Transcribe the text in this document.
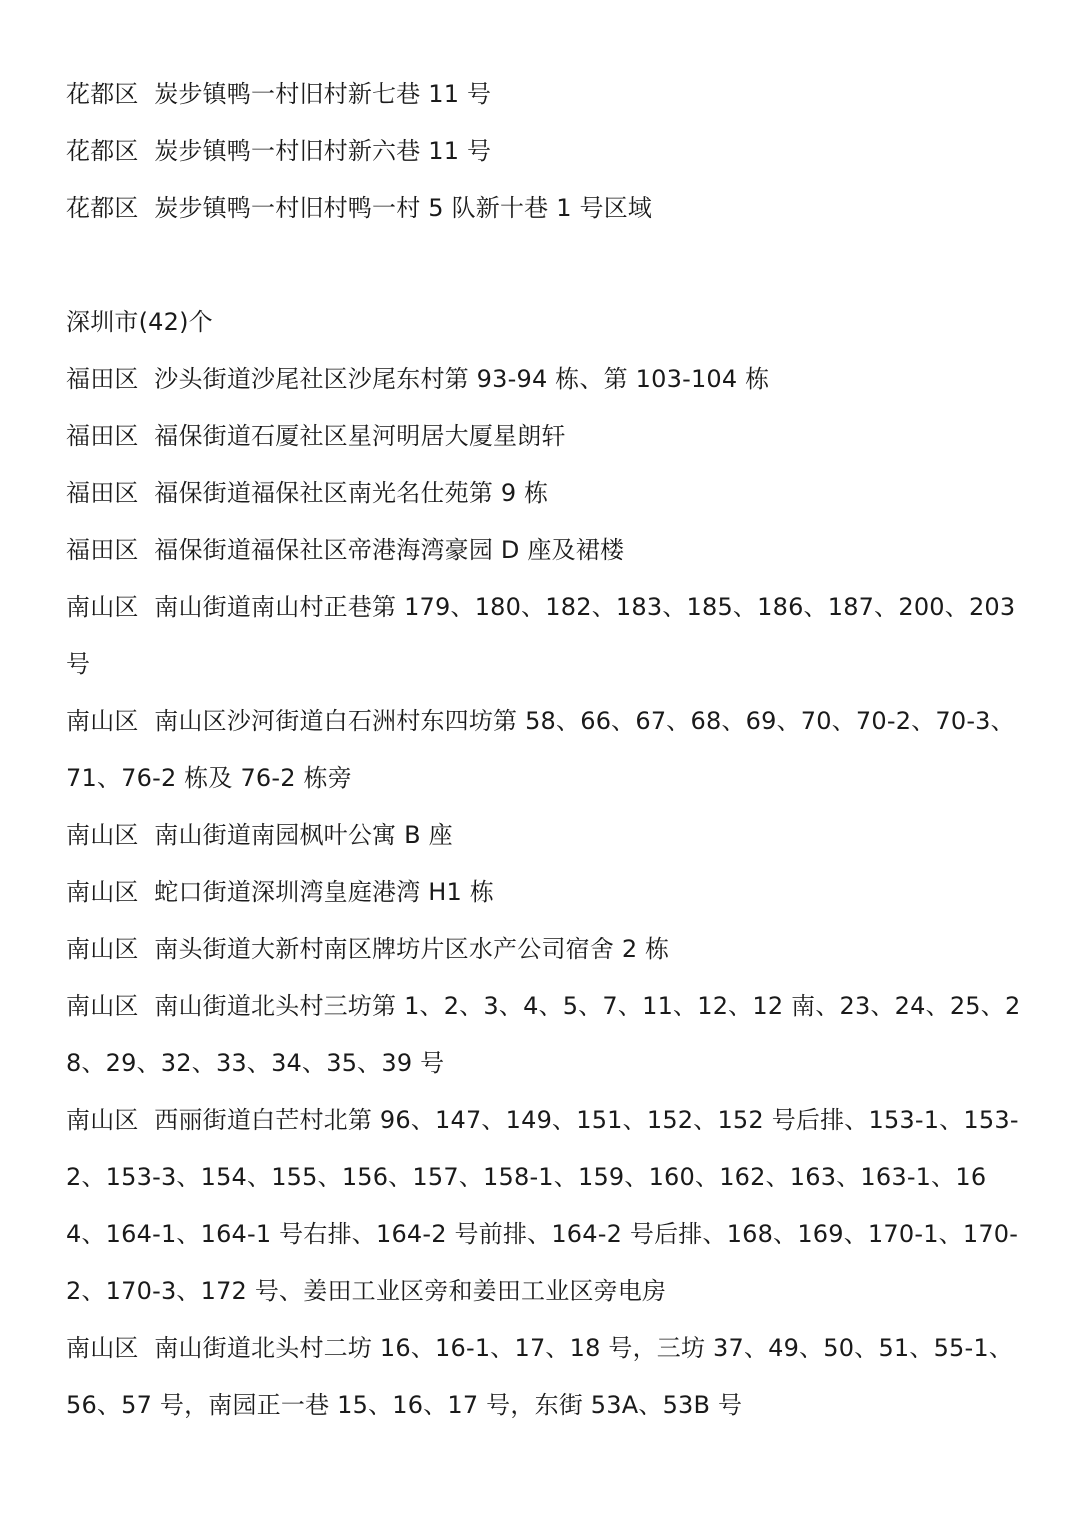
花都区  炭步镇鸭一村旧村新七巷 11 号
花都区  炭步镇鸭一村旧村新六巷 11 号
花都区  炭步镇鸭一村旧村鸭一村 5 队新十巷 1 号区域
深圳市(42)个
福田区  沙头街道沙尾社区沙尾东村第 93-94 栋、第 103-104 栋
福田区  福保街道石厦社区星河明居大厦星朗轩
福田区  福保街道福保社区南光名仕苑第 9 栋
福田区  福保街道福保社区帝港海湾豪园 D 座及裙楼
南山区  南山街道南山村正巷第 179、180、182、183、185、186、187、200、203 号
南山区  南山区沙河街道白石洲村东四坊第 58、66、67、68、69、70、70-2、70-3、71、76-2 栋及 76-2 栋旁
南山区  南山街道南园枫叶公寓 B 座
南山区  蛇口街道深圳湾皇庭港湾 H1 栋
南山区  南头街道大新村南区牌坊片区水产公司宿舍 2 栋
南山区  南山街道北头村三坊第 1、2、3、4、5、7、11、12、12 南、23、24、25、28、29、32、33、34、35、39 号
南山区  西丽街道白芒村北第 96、147、149、151、152、152 号后排、153-1、153-2、153-3、154、155、156、157、158-1、159、160、162、163、163-1、164、164-1、164-1 号右排、164-2 号前排、164-2 号后排、168、169、170-1、170-2、170-3、172 号、姜田工业区旁和姜田工业区旁电房
南山区  南山街道北头村二坊 16、16-1、17、18 号，三坊 37、49、50、51、55-1、56、57 号，南园正一巷 15、16、17 号，东街 53A、53B 号
